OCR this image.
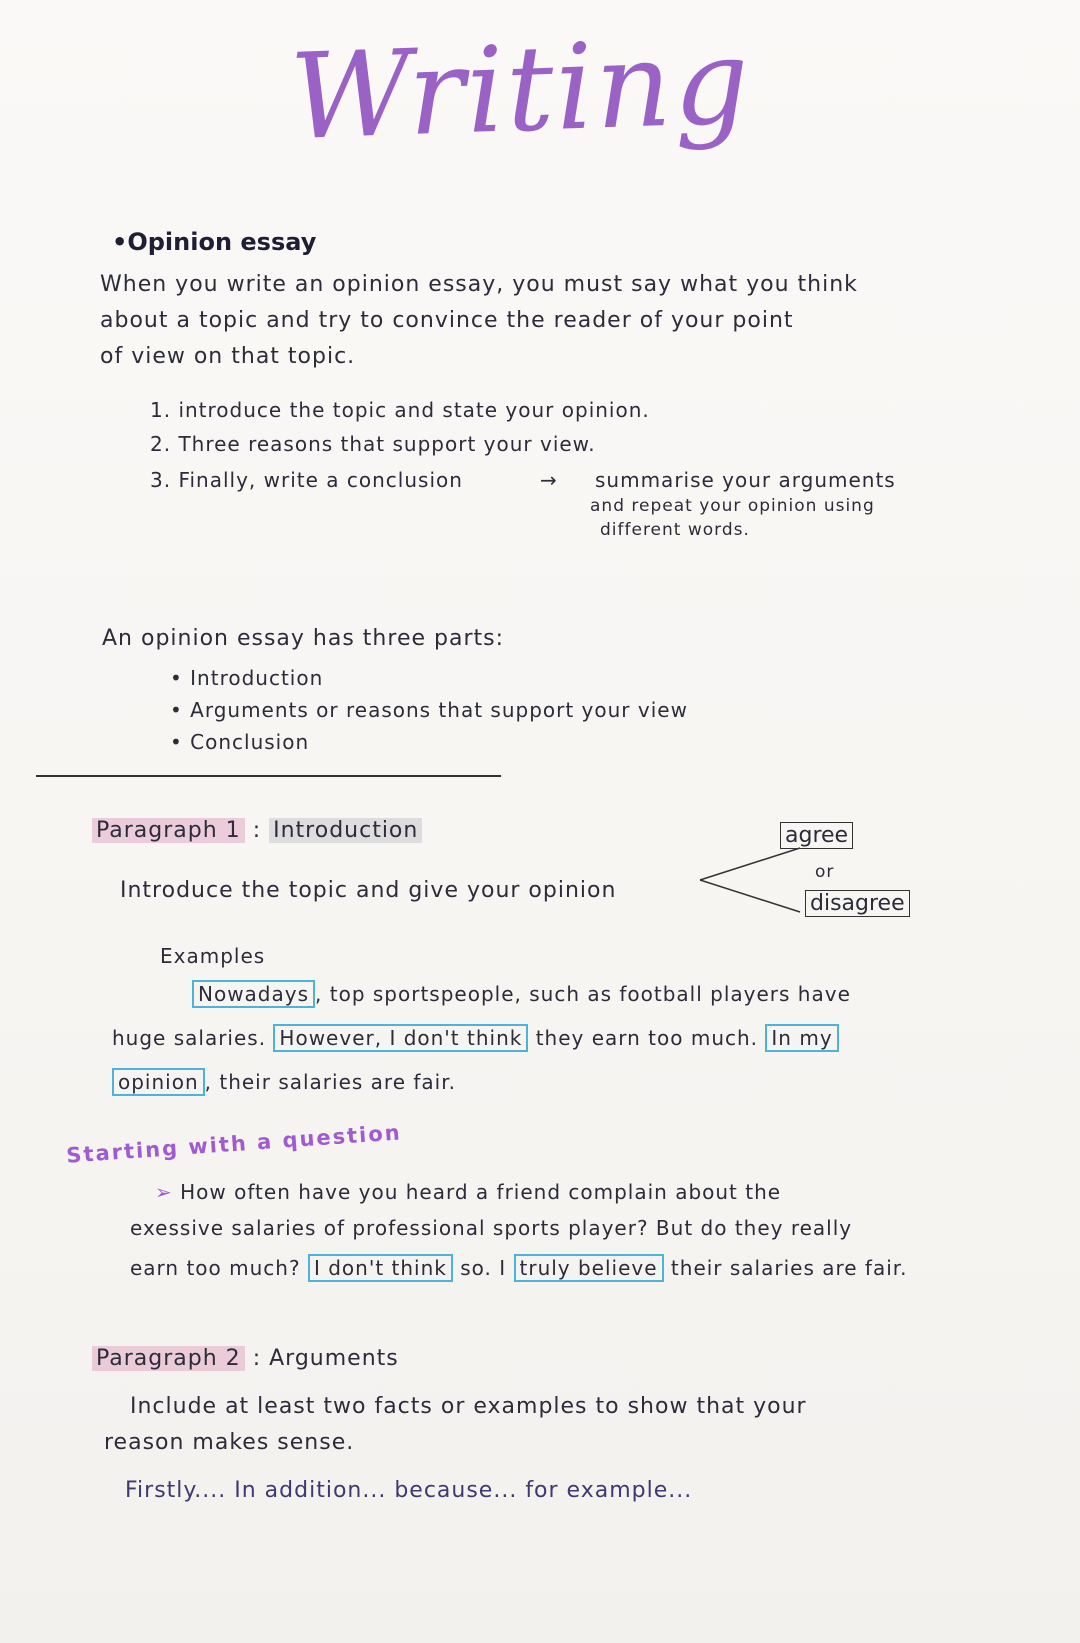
Writing
•Opinion essay
When you write an opinion essay, you must say what you think
about a topic and try to convince the reader of your point
of view on that topic.
1. introduce the topic and state your opinion.
2. Three reasons that support your view.
3. Finally, write a conclusion	→ summarise your arguments
and repeat your opinion using
different words.
An opinion essay has three parts:
• Introduction
• Arguments or reasons that support your view
• Conclusion
Paragraph 1 : Introduction
Introduce the topic and give your opinion
agree
or
disagree
Examples
Nowadays , top sportspeople, such as football players have
huge salaries. However, I don't think they earn too much. In my
opinion , their salaries are fair.
Starting with a question
➢ How often have you heard a friend complain about the
exessive salaries of professional sports player? But do they really
earn too much? I don't think so. I truly believe their salaries are fair.
Paragraph 2 : Arguments
Include at least two facts or examples to show that your
reason makes sense.
Firstly.... In addition... because... for example...
